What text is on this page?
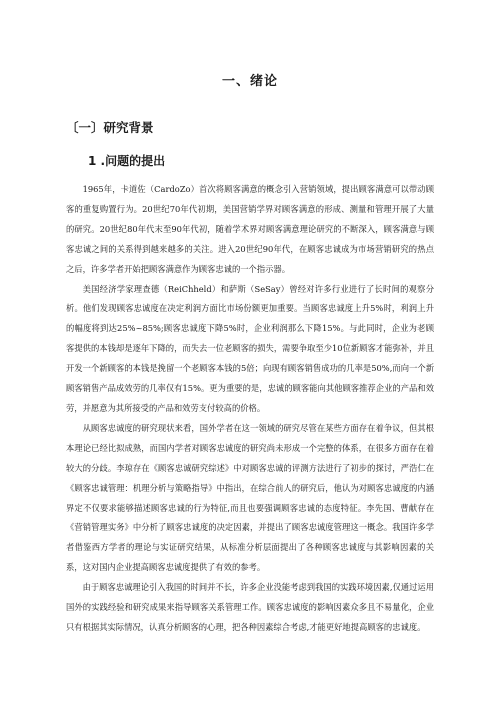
一、绪论
〔一〕研究背景
1 .问题的提出

1965年，卡道佐（CardoZo）首次将顾客满意的概念引入营销领域，提出顾客满意可以带动顾客的重复购置行为。20世纪70年代初期，美国营销学界对顾客满意的形成、测量和管理开展了大量的研究。20世纪80年代末至90年代初，随着学术界对顾客满意理论研究的不断深入，顾客满意与顾客忠诚之间的关系得到越来越多的关注。进入20世纪90年代，在顾客忠诚成为市场营销研究的热点之后，许多学者开始把顾客满意作为顾客忠诚的一个指示器。

美国经济学家理查德（ReiChheld）和萨斯（SeSay）曾经对许多行业进行了长时间的观察分析。他们发现顾客忠诚度在决定利润方面比市场份额更加重要。当顾客忠诚度上升5%时，利润上升的幅度将到达25%~85%;顾客忠诚度下降5%时，企业利润那么下降15%。与此同时，企业为老顾客提供的本钱却是逐年下降的，而失去一位老顾客的损失，需要争取至少10位新顾客才能弥补，并且开发一个新顾客的本钱是挽留一个老顾客本钱的5倍；向现有顾客销售成功的几率是50%,而向一个新顾客销售产品成效劳的几率仅有15%。更为重要的是，忠诚的顾客能向其他顾客推荐企业的产品和效劳，并愿意为其所接受的产品和效劳支付较高的价格。

从顾客忠诚度的研究现状来看，国外学者在这一领域的研究尽管在某些方面存在着争议，但其根本理论已经比拟成熟，而国内学者对顾客忠诚度的研究尚未形成一个完整的体系，在很多方面存在着较大的分歧。李琼存在《顾客忠诚研究综述》中对顾客忠诚的评测方法进行了初步的探讨，严浩仁在《顾客忠诚管理：机理分析与策略指导》中指出，在综合前人的研究后，他认为对顾客忠诚度的内涵界定不仅要求能够描述顾客忠诚的行为特征,而且也要强调顾客忠诚的态度特征。李先国、曹献存在《营销管理实务》中分析了顾客忠诚度的决定因素，并提出了顾客忠诚度管理这一概念。我国许多学者借鉴西方学者的理论与实证研究结果，从标准分析层面提出了各种顾客忠诚度与其影响因素的关系，这对国内企业提高顾客忠诚度提供了有效的参考。

由于顾客忠诚理论引入我国的时间并不长，许多企业没能考虑到我国的实践环境因素,仅通过运用国外的实践经验和研究成果来指导顾客关系管理工作。顾客忠诚度的影响因素众多且不易量化，企业只有根据其实际情况，认真分析顾客的心理，把各种因素综合考虑,才能更好地提高顾客的忠诚度。
